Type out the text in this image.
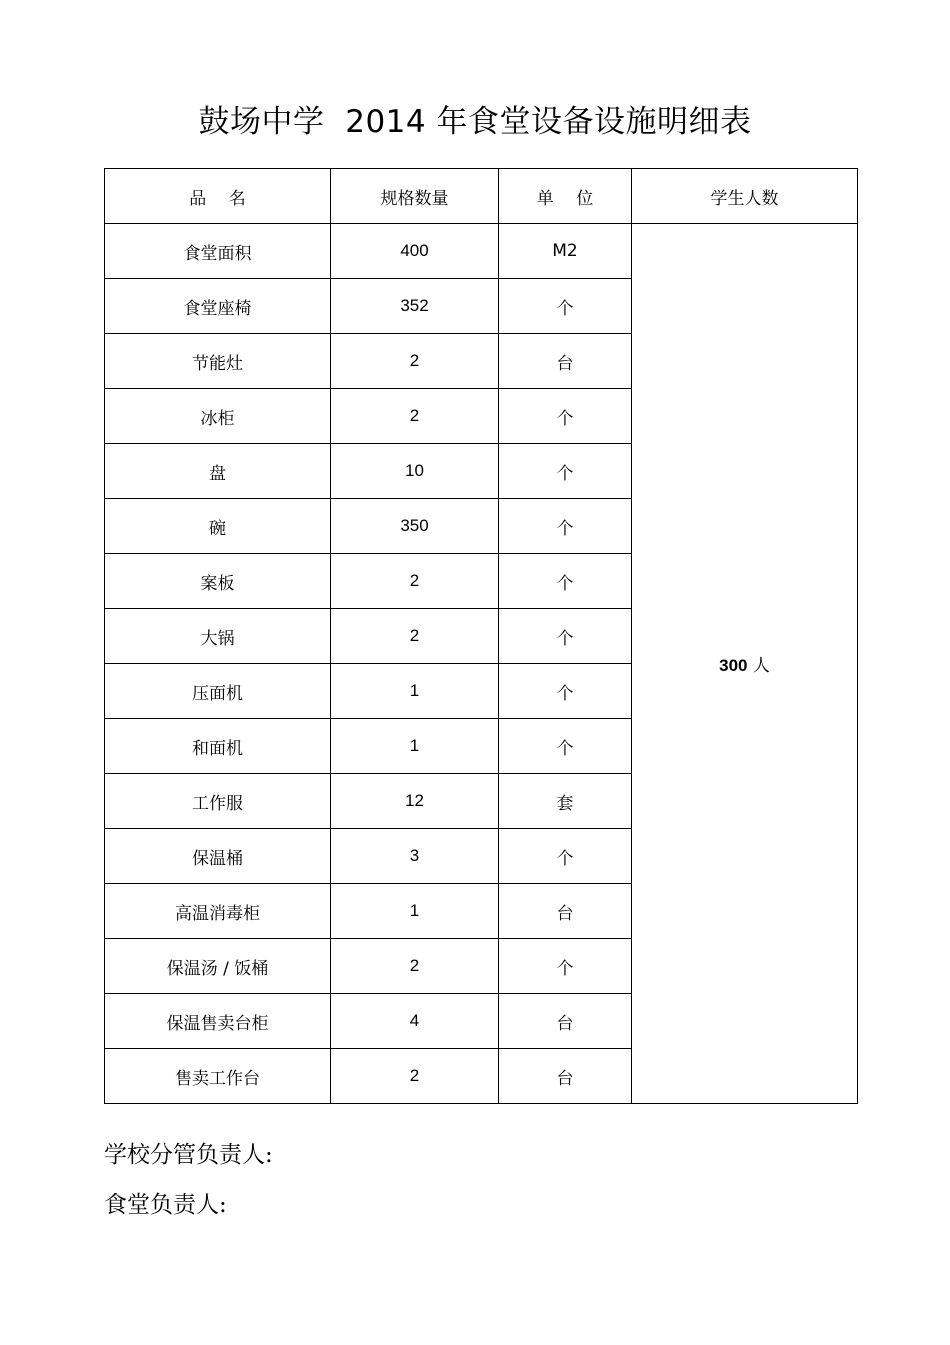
鼓场中学  2014 年食堂设备设施明细表
品　 名	规格数量	单　 位	学生人数
食堂面积	400	M2	300 人
食堂座椅	352	个	
节能灶	2	台	
冰柜	2	个	
盘	10	个	
碗	350	个	
案板	2	个	
大锅	2	个	
压面机	1	个	
和面机	1	个	
工作服	12	套	
保温桶	3	个	
高温消毒柜	1	台	
保温汤 / 饭桶	2	个	
保温售卖台柜	4	台	
售卖工作台	2	台	
学校分管负责人:
食堂负责人:
